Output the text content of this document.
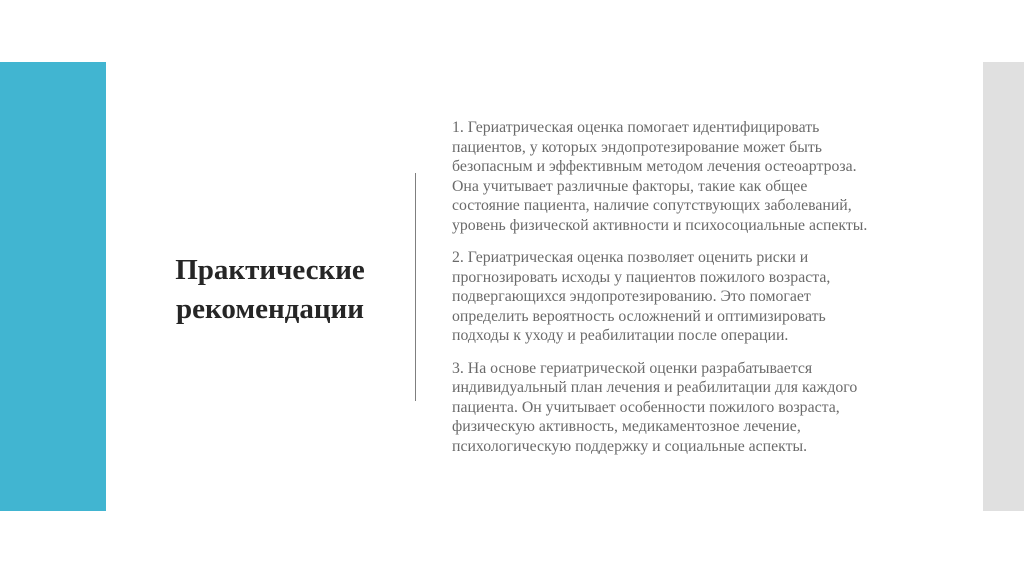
Практические
рекомендации

1. Гериатрическая оценка помогает идентифицировать
пациентов, у которых эндопротезирование может быть
безопасным и эффективным методом лечения остеоартроза.
Она учитывает различные факторы, такие как общее
состояние пациента, наличие сопутствующих заболеваний,
уровень физической активности и психосоциальные аспекты.

2. Гериатрическая оценка позволяет оценить риски и
прогнозировать исходы у пациентов пожилого возраста,
подвергающихся эндопротезированию. Это помогает
определить вероятность осложнений и оптимизировать
подходы к уходу и реабилитации после операции.

3. На основе гериатрической оценки разрабатывается
индивидуальный план лечения и реабилитации для каждого
пациента. Он учитывает особенности пожилого возраста,
физическую активность, медикаментозное лечение,
психологическую поддержку и социальные аспекты.
